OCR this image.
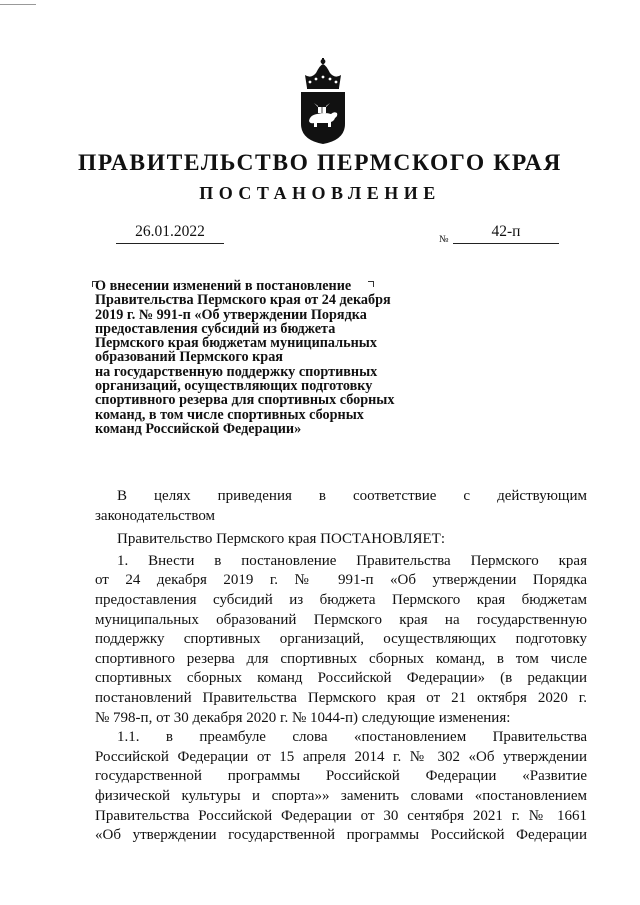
ПРАВИТЕЛЬСТВО ПЕРМСКОГО КРАЯ
ПОСТАНОВЛЕНИЕ
26.01.2022	№	42-п
О внесении изменений в постановление
Правительства Пермского края от 24 декабря
2019 г. № 991-п «Об утверждении Порядка
предоставления субсидий из бюджета
Пермского края бюджетам муниципальных
образований Пермского края
на государственную поддержку спортивных
организаций, осуществляющих подготовку
спортивного резерва для спортивных сборных
команд, в том числе спортивных сборных
команд Российской Федерации»

В целях приведения в соответствие с действующим

законодательством

Правительство Пермского края ПОСТАНОВЛЯЕТ:

1. Внести в постановление Правительства Пермского края

от 24 декабря 2019 г. № 991-п «Об утверждении Порядка

предоставления субсидий из бюджета Пермского края бюджетам

муниципальных образований Пермского края на государственную

поддержку спортивных организаций, осуществляющих подготовку

спортивного резерва для спортивных сборных команд, в том числе

спортивных сборных команд Российской Федерации» (в редакции

постановлений Правительства Пермского края от 21 октября 2020 г.

№ 798-п, от 30 декабря 2020 г. № 1044-п) следующие изменения:

1.1. в преамбуле слова «постановлением Правительства

Российской Федерации от 15 апреля 2014 г. № 302 «Об утверждении

государственной программы Российской Федерации «Развитие

физической культуры и спорта»» заменить словами «постановлением

Правительства Российской Федерации от 30 сентября 2021 г. № 1661

«Об утверждении государственной программы Российской Федерации
